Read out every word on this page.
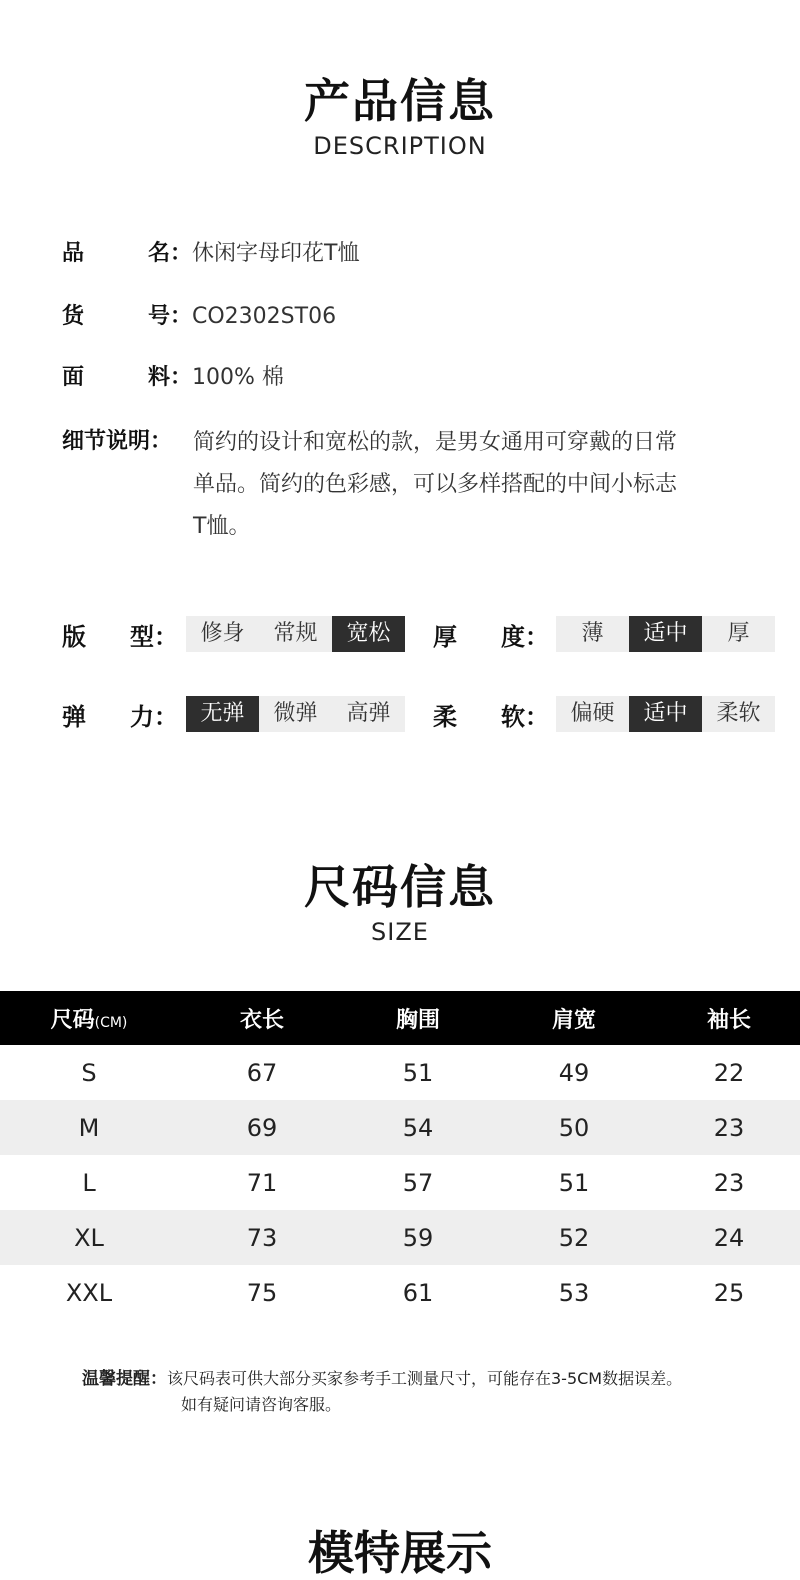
产品信息
DESCRIPTION
品	名： 休闲字母印花T恤
货	号： CO2302ST06
面	料： 100% 棉
细节说明： 简约的设计和宽松的款，是男女通用可穿戴的日常
单品。简约的色彩感，可以多样搭配的中间小标志
T恤。
版 型：	修身	常规	宽松	厚 度：	薄	适中	厚
弹 力：	无弹	微弹	高弹	柔 软： 偏硬	适中	柔软
尺码信息
SIZE
尺码(CM)	衣长	胸围	肩宽	袖长
S	67	51	49	22
M	69	54	50	23
L	71	57	51	23
XL	73	59	52	24
XXL	75	61	53	25
温馨提醒：该尺码表可供大部分买家参考手工测量尺寸，可能存在3-5CM数据误差。
如有疑问请咨询客服。
模特展示
